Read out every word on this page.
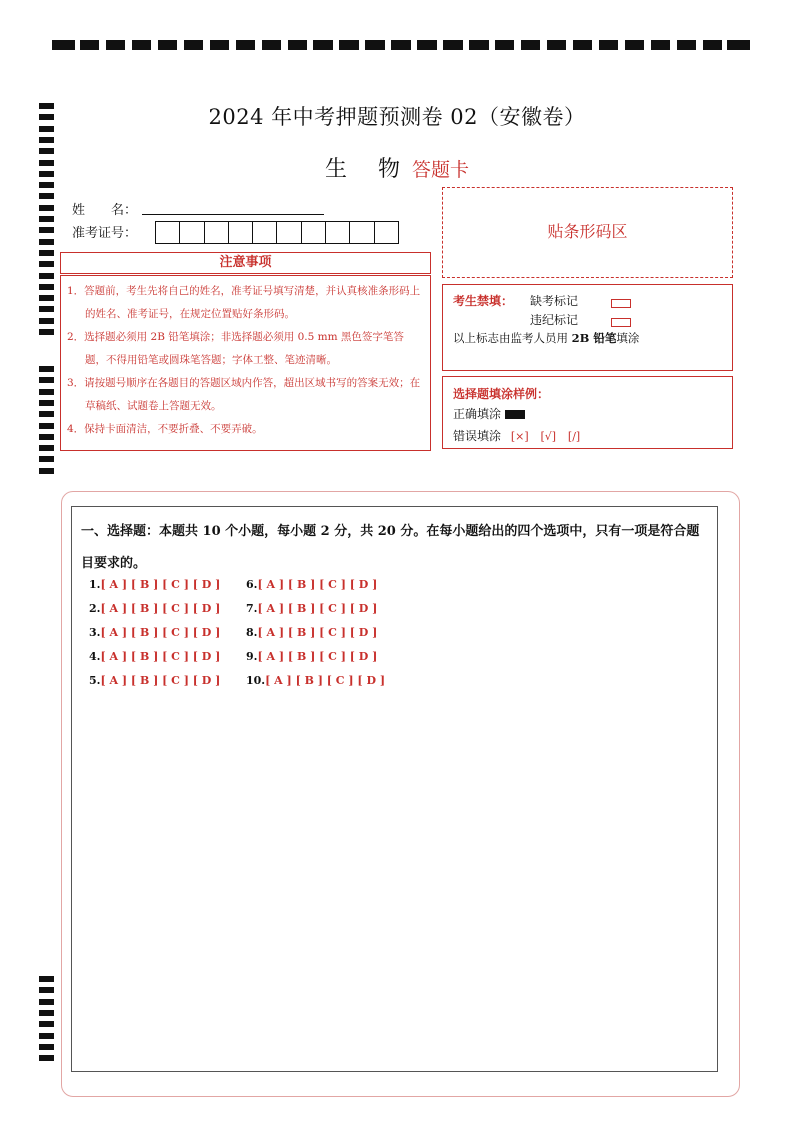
2024 年中考押题预测卷 02（安徽卷）
生 物答题卡
姓　　名：
准考证号：
注意事项
1．答题前，考生先将自己的姓名，准考证号填写清楚，并认真核准条形码上的姓名、准考证号，在规定位置贴好条形码。
2．选择题必须用 2B 铅笔填涂；非选择题必须用 0.5 mm 黑色签字笔答题，不得用铅笔或圆珠笔答题；字体工整、笔迹清晰。
3．请按题号顺序在各题目的答题区域内作答，超出区域书写的答案无效；在草稿纸、试题卷上答题无效。
4．保持卡面清洁，不要折叠、不要弄破。
贴条形码区
考生禁填： 缺考标记
违纪标记
以上标志由监考人员用 2B 铅笔填涂
选择题填涂样例：
正确填涂
错误填涂 [×] [√] [/]
一、选择题：本题共 10 个小题，每小题 2 分，共 20 分。在每小题给出的四个选项中，只有一项是符合题目要求的。
1.[ A ] [ B ] [ C ] [ D ]
2.[ A ] [ B ] [ C ] [ D ]
3.[ A ] [ B ] [ C ] [ D ]
4.[ A ] [ B ] [ C ] [ D ]
5.[ A ] [ B ] [ C ] [ D ]
6.[ A ] [ B ] [ C ] [ D ]
7.[ A ] [ B ] [ C ] [ D ]
8.[ A ] [ B ] [ C ] [ D ]
9.[ A ] [ B ] [ C ] [ D ]
10.[ A ] [ B ] [ C ] [ D ]
